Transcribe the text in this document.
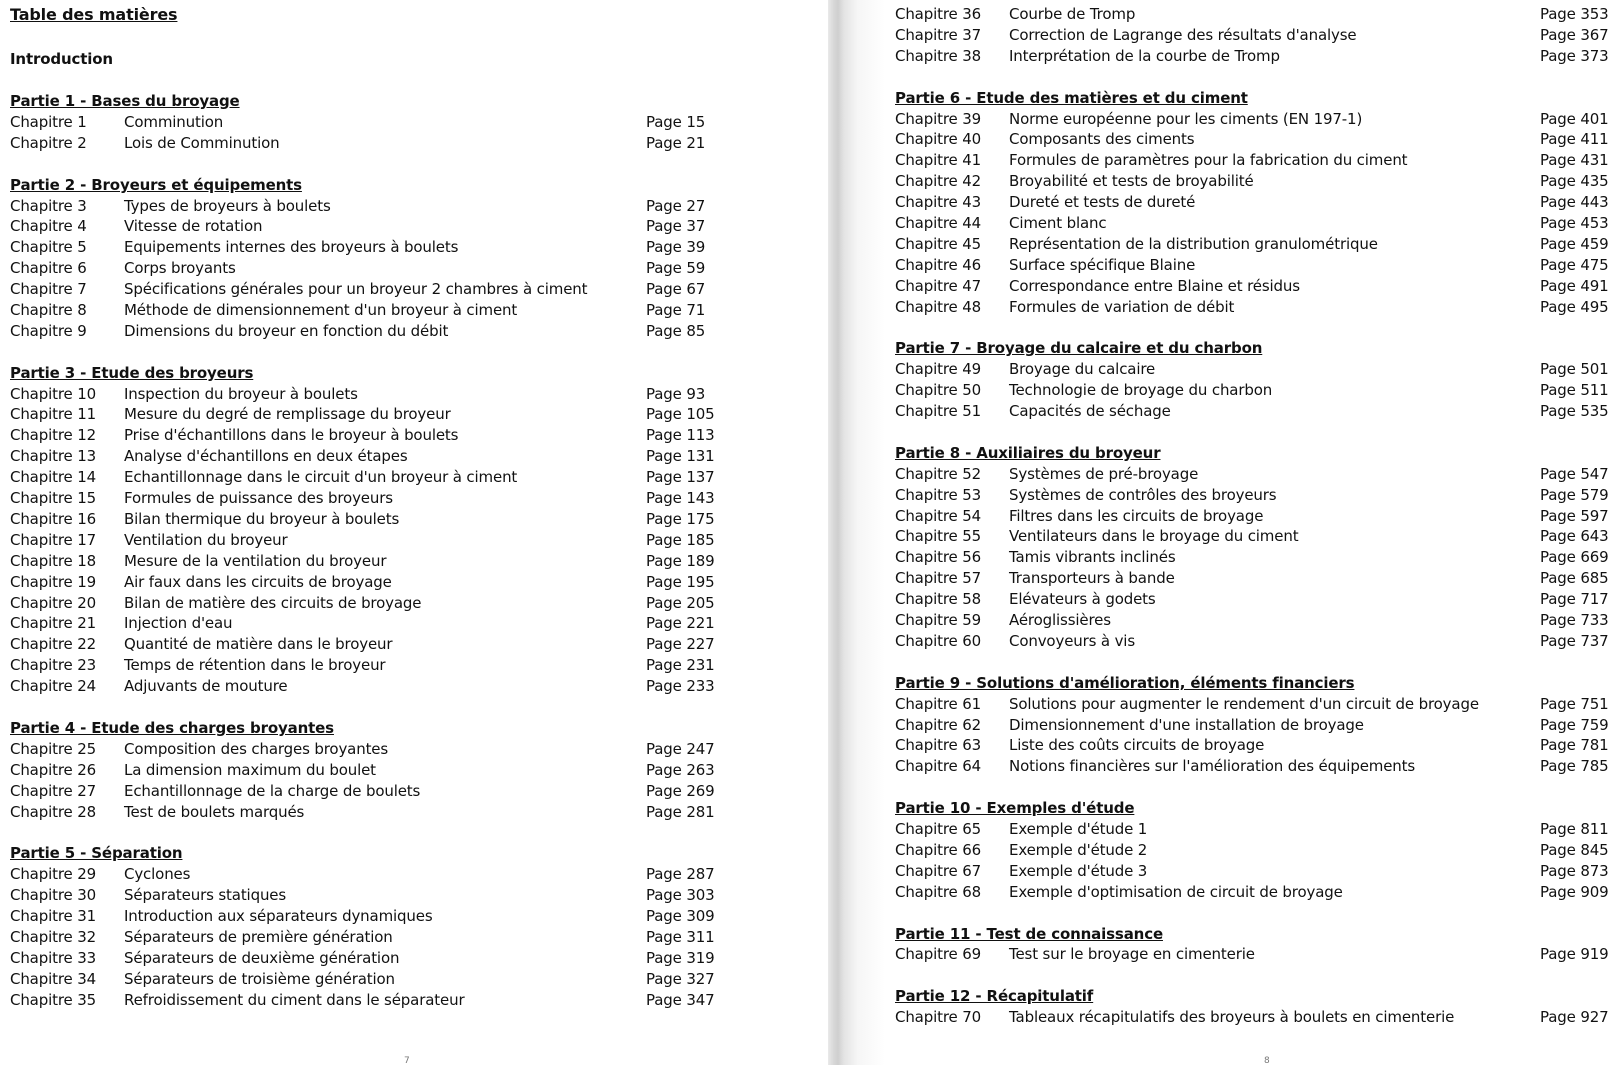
Table des matières
Introduction
Partie 1 - Bases du broyage
Chapitre 1 Comminution	Page 15
Chapitre 2 Lois de Comminution	Page 21
Partie 2 - Broyeurs et équipements
Chapitre 3 Types de broyeurs à boulets	Page 27
Chapitre 4 Vitesse de rotation	Page 37
Chapitre 5 Equipements internes des broyeurs à boulets	Page 39
Chapitre 6 Corps broyants	Page 59
Chapitre 7 Spécifications générales pour un broyeur 2 chambres à ciment	Page 67
Chapitre 8 Méthode de dimensionnement d'un broyeur à ciment	Page 71
Chapitre 9 Dimensions du broyeur en fonction du débit	Page 85
Partie 3 - Etude des broyeurs
Chapitre 10 Inspection du broyeur à boulets	Page 93
Chapitre 11 Mesure du degré de remplissage du broyeur	Page 105
Chapitre 12 Prise d'échantillons dans le broyeur à boulets	Page 113
Chapitre 13 Analyse d'échantillons en deux étapes	Page 131
Chapitre 14 Echantillonnage dans le circuit d'un broyeur à ciment	Page 137
Chapitre 15 Formules de puissance des broyeurs	Page 143
Chapitre 16 Bilan thermique du broyeur à boulets	Page 175
Chapitre 17 Ventilation du broyeur	Page 185
Chapitre 18 Mesure de la ventilation du broyeur	Page 189
Chapitre 19 Air faux dans les circuits de broyage	Page 195
Chapitre 20 Bilan de matière des circuits de broyage	Page 205
Chapitre 21 Injection d'eau	Page 221
Chapitre 22 Quantité de matière dans le broyeur	Page 227
Chapitre 23 Temps de rétention dans le broyeur	Page 231
Chapitre 24 Adjuvants de mouture	Page 233
Partie 4 - Etude des charges broyantes
Chapitre 25 Composition des charges broyantes	Page 247
Chapitre 26 La dimension maximum du boulet	Page 263
Chapitre 27 Echantillonnage de la charge de boulets	Page 269
Chapitre 28 Test de boulets marqués	Page 281
Partie 5 - Séparation
Chapitre 29 Cyclones	Page 287
Chapitre 30 Séparateurs statiques	Page 303
Chapitre 31 Introduction aux séparateurs dynamiques	Page 309
Chapitre 32 Séparateurs de première génération	Page 311
Chapitre 33 Séparateurs de deuxième génération	Page 319
Chapitre 34 Séparateurs de troisième génération	Page 327
Chapitre 35 Refroidissement du ciment dans le séparateur	Page 347
Chapitre 36 Courbe de Tromp	Page 353
Chapitre 37 Correction de Lagrange des résultats d'analyse	Page 367
Chapitre 38 Interprétation de la courbe de Tromp	Page 373
Partie 6 - Etude des matières et du ciment
Chapitre 39 Norme européenne pour les ciments (EN 197-1)	Page 401
Chapitre 40 Composants des ciments	Page 411
Chapitre 41 Formules de paramètres pour la fabrication du ciment	Page 431
Chapitre 42 Broyabilité et tests de broyabilité	Page 435
Chapitre 43 Dureté et tests de dureté	Page 443
Chapitre 44 Ciment blanc	Page 453
Chapitre 45 Représentation de la distribution granulométrique	Page 459
Chapitre 46 Surface spécifique Blaine	Page 475
Chapitre 47 Correspondance entre Blaine et résidus	Page 491
Chapitre 48 Formules de variation de débit	Page 495
Partie 7 - Broyage du calcaire et du charbon
Chapitre 49 Broyage du calcaire	Page 501
Chapitre 50 Technologie de broyage du charbon	Page 511
Chapitre 51 Capacités de séchage	Page 535
Partie 8 - Auxiliaires du broyeur
Chapitre 52 Systèmes de pré-broyage	Page 547
Chapitre 53 Systèmes de contrôles des broyeurs	Page 579
Chapitre 54 Filtres dans les circuits de broyage	Page 597
Chapitre 55 Ventilateurs dans le broyage du ciment	Page 643
Chapitre 56 Tamis vibrants inclinés	Page 669
Chapitre 57 Transporteurs à bande	Page 685
Chapitre 58 Elévateurs à godets	Page 717
Chapitre 59 Aéroglissières	Page 733
Chapitre 60 Convoyeurs à vis	Page 737
Partie 9 - Solutions d'amélioration, éléments financiers
Chapitre 61 Solutions pour augmenter le rendement d'un circuit de broyage	Page 751
Chapitre 62 Dimensionnement d'une installation de broyage	Page 759
Chapitre 63 Liste des coûts circuits de broyage	Page 781
Chapitre 64 Notions financières sur l'amélioration des équipements	Page 785
Partie 10 - Exemples d'étude
Chapitre 65 Exemple d'étude 1	Page 811
Chapitre 66 Exemple d'étude 2	Page 845
Chapitre 67 Exemple d'étude 3	Page 873
Chapitre 68 Exemple d'optimisation de circuit de broyage	Page 909
Partie 11 - Test de connaissance
Chapitre 69 Test sur le broyage en cimenterie	Page 919
Partie 12 - Récapitulatif
Chapitre 70 Tableaux récapitulatifs des broyeurs à boulets en cimenterie	Page 927
7	8
